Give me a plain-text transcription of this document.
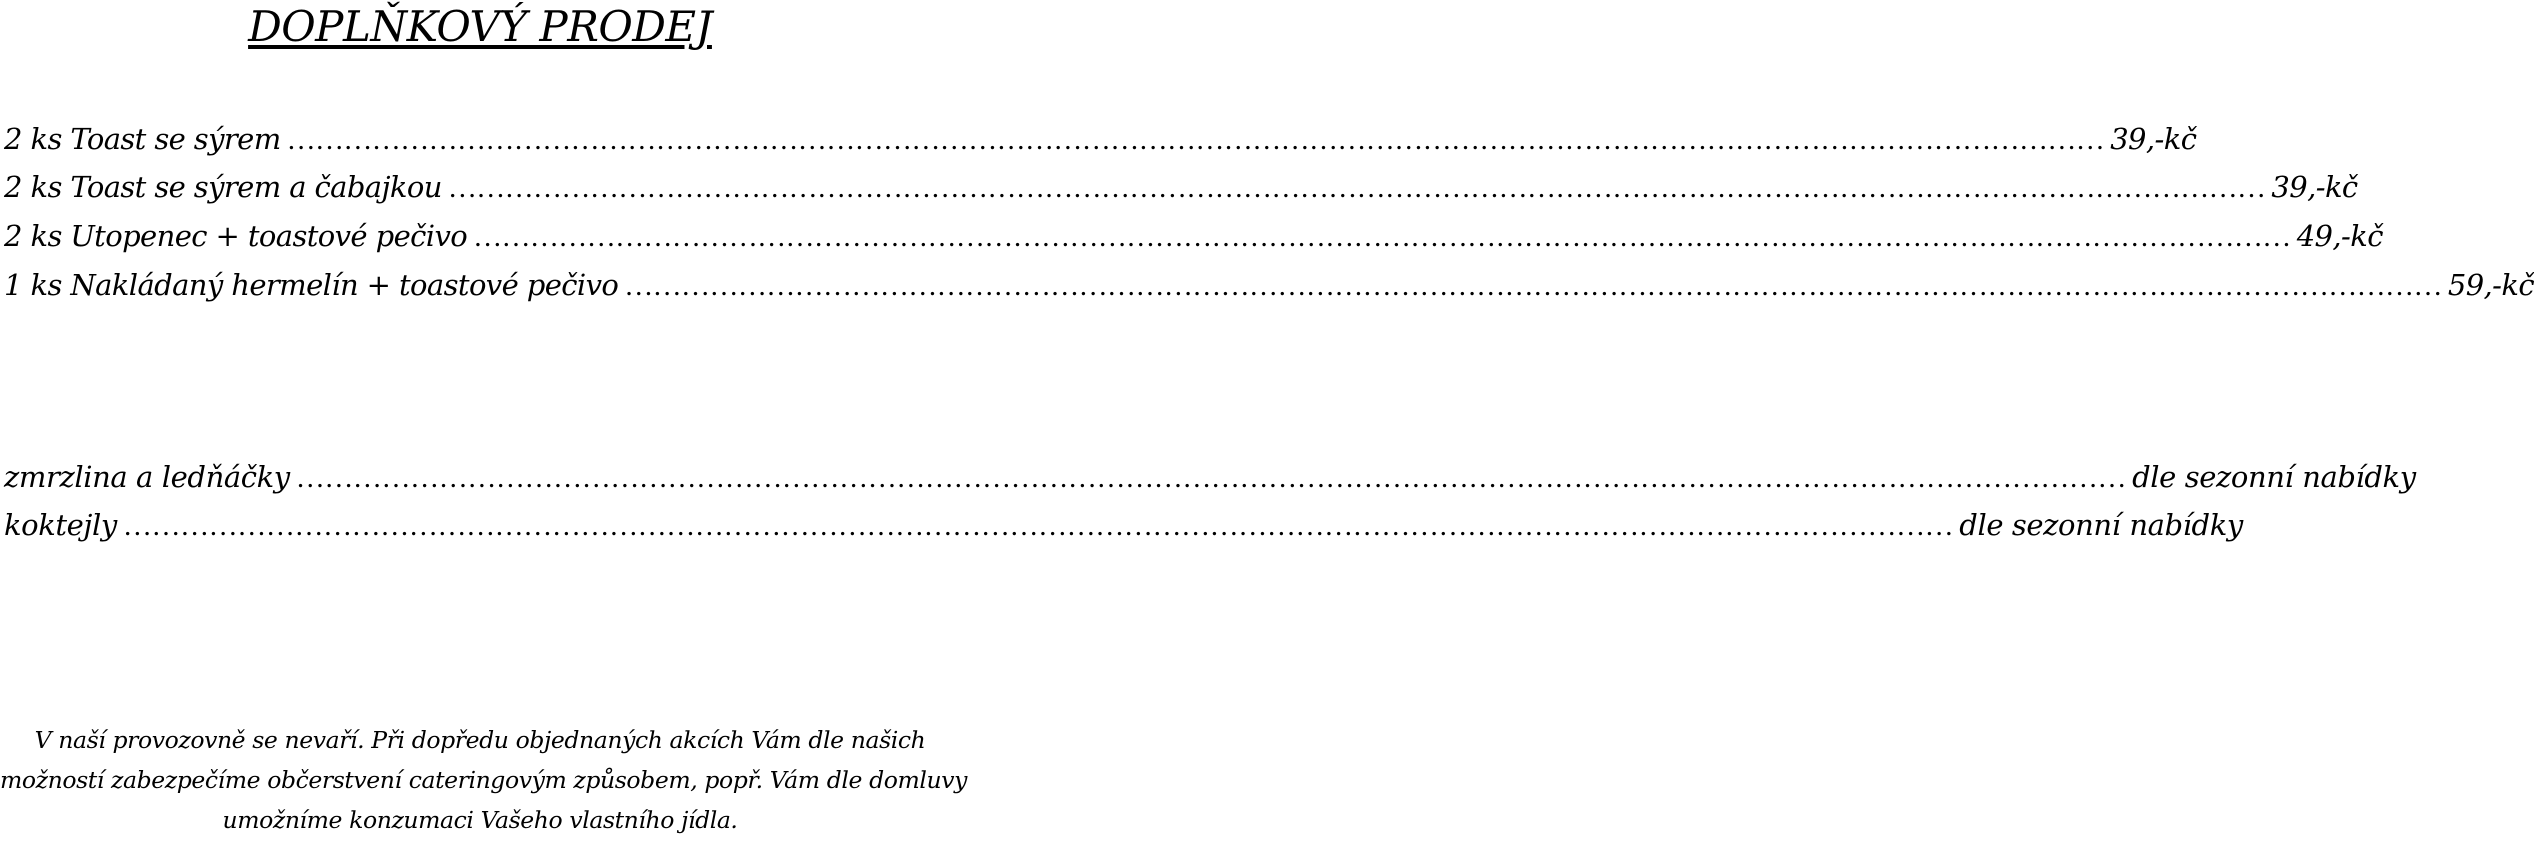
DOPLŇKOVÝ PRODEJ
2 ks Toast se sýrem ………………………………………………………………………………………………………………………………………………………………………… 39,-kč
2 ks Toast se sýrem a čabajkou ………………………………………………………………………………………………………………………………………………………………………… 39,-kč
2 ks Utopenec + toastové pečivo ………………………………………………………………………………………………………………………………………………………………………… 49,-kč
1 ks Nakládaný hermelín + toastové pečivo ………………………………………………………………………………………………………………………………………………………………………… 59,-kč
zmrzlina a ledňáčky ………………………………………………………………………………………………………………………………………………………………………… dle sezonní nabídky
koktejly ………………………………………………………………………………………………………………………………………………………………………… dle sezonní nabídky
V naší provozovně se nevaří. Při dopředu objednaných akcích Vám dle našich
možností zabezpečíme občerstvení cateringovým způsobem, popř. Vám dle domluvy
umožníme konzumaci Vašeho vlastního jídla.
